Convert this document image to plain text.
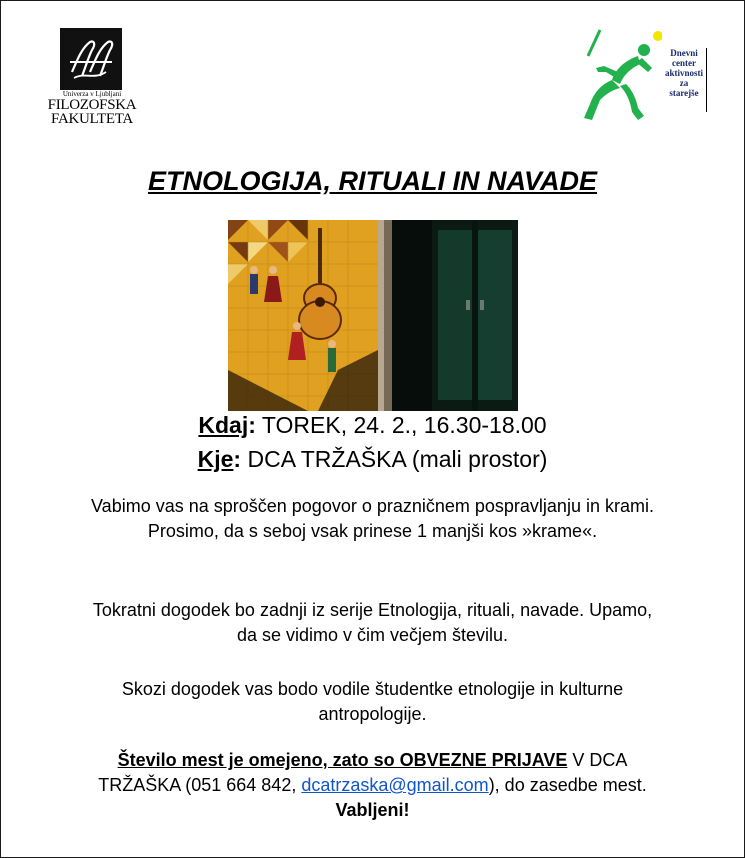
Univerza v Ljubljani
FILOZOFSKA
FAKULTETA
Dnevni
center
aktivnosti
za
starejše
ETNOLOGIJA, RITUALI IN NAVADE
Kdaj: TOREK, 24. 2., 16.30-18.00
Kje: DCA TRŽAŠKA (mali prostor)
Vabimo vas na sproščen pogovor o prazničnem pospravljanju in krami. Prosimo, da s seboj vsak prinese 1 manjši kos »krame«.
Tokratni dogodek bo zadnji iz serije Etnologija, rituali, navade. Upamo, da se vidimo v čim večjem številu.
Skozi dogodek vas bodo vodile študentke etnologije in kulturne antropologije.
Število mest je omejeno, zato so OBVEZNE PRIJAVE V DCA TRŽAŠKA (051 664 842, dcatrzaska@gmail.com), do zasedbe mest. Vabljeni!
